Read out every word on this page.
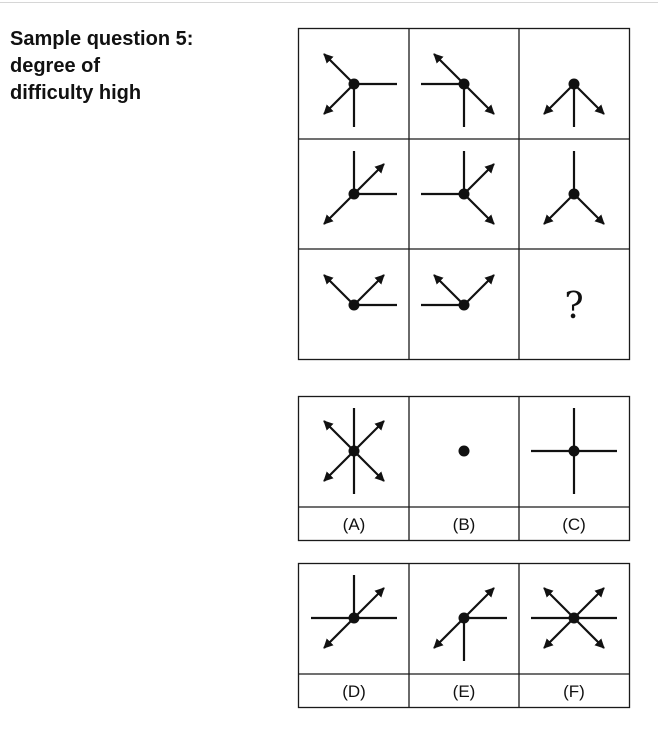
Sample question 5:
degree of
difficulty high
?
(A)	(B)	(C)
(D)	(E)	(F)
